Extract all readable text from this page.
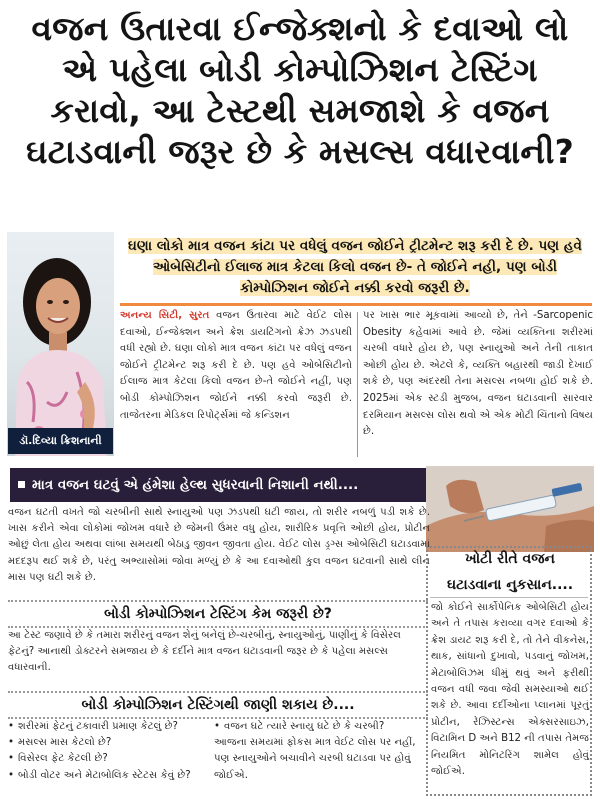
વજન ઉતારવા ઈન્જેક્શનો કે દવાઓ લો
એ પહેલા બોડી કોમ્પોઝિશન ટેસ્ટિંગ
કરાવો, આ ટેસ્ટથી સમજાશે કે વજન
ઘટાડવાની જરૂર છે કે મસલ્સ વધારવાની?
ડૉ.દિવ્યા ક્રિશનાની
ઘણા લોકો માત્ર વજન કાંટા પર વધેલું વજન જોઈને ટ્રીટમેન્ટ શરૂ કરી દે છે. પણ હવે ઓબેસિટીનો ઈલાજ માત્ર કેટલા કિલો વજન છે- તે જોઈને નહી, પણ બોડી કોમ્પોઝિશન જોઈને નક્કી કરવો જરૂરી છે.
અનન્ય સિટી, સુરત વજન ઉતારવા માટે વેઈટ લોસ દવાઓ, ઈન્જેક્શન અને ક્રેશ ડાયટિંગનો ક્રેઝ ઝડપથી વધી રહ્યો છે. ઘણા લોકો માત્ર વજન કાંટા પર વધેલું વજન જોઈને ટ્રીટમેન્ટ શરૂ કરી દે છે. પણ હવે ઓબેસિટીનો ઈલાજ માત્ર કેટલા કિલો વજન છે-તે જોઈને નહીં, પણ બોડી કોમ્પોઝિશન જોઈને નક્કી કરવો જરૂરી છે. તાજેતરના મેડિકલ રિપોર્ટ્સમાં જે કન્ડિશન
પર ખાસ ભાર મૂકવામાં આવ્યો છે, તેને -Sarcopenic Obesity કહેવામાં આવે છે. જેમાં વ્યક્તિના શરીરમાં ચરબી વધારે હોય છે, પણ સ્નાયુઓ અને તેની તાકાત ઓછી હોય છે. એટલે કે, વ્યક્તિ બહારથી જાડી દેખાઈ શકે છે, પણ અંદરથી તેના મસલ્સ નબળા હોઈ શકે છે. 2025માં એક સ્ટડી મુજબ, વજન ઘટાડવાની સારવાર દરમિયાન મસલ્સ લોસ થવો એ એક મોટી ચિંતાનો વિષય છે.
માત્ર વજન ઘટવું એ હંમેશા હેલ્થ સુધરવાની નિશાની નથી....
વજન ઘટતી વખતે જો ચરબીની સાથે સ્નાયુઓ પણ ઝડપથી ઘટી જાય, તો શરીર નબળું પડી શકે છે. ખાસ કરીને એવા લોકોમાં જોખમ વધારે છે જેમની ઉંમર વધુ હોય, શારીરિક પ્રવૃત્તિ ઓછી હોય, પ્રોટીન ઓછું લેતા હોય અથવા લાંબા સમયથી બેઠાડુ જીવન જીવતા હોય. વેઈટ લોસ ડ્રગ્સ ઓબેસિટી ઘટાડવામાં મદદરૂપ થઈ શકે છે, પરંતુ અભ્યાસોમાં જોવા મળ્યું છે કે આ દવાઓથી કુલ વજન ઘટવાની સાથે લીન માસ પણ ઘટી શકે છે.
બોડી કોમ્પોઝિશન ટેસ્ટિંગ કેમ જરૂરી છે?
આ ટેસ્ટ જણાવે છે કે તમારા શરીરનું વજન શેનું બનેલું છે-ચરબીનું, સ્નાયુઓનું, પાણીનું કે વિસેરલ ફેટનું? આનાથી ડોક્ટરને સમજાય છે કે દર્દીને માત્ર વજન ઘટાડવાની જરૂર છે કે પહેલા મસલ્સ વધારવાની.
બોડી કોમ્પોઝિશન ટેસ્ટિંગથી જાણી શકાય છે....
• શરીરમાં ફેટનું ટકાવારી પ્રમાણ કેટલું છે?
• મસલ્સ માસ કેટલો છે?
• વિસેરલ ફેટ કેટલી છે?
• બોડી વોટર અને મેટાબોલિક સ્ટેટસ કેવું છે?
• વજન ઘટે ત્યારે સ્નાયુ ઘટે છે કે ચરબી?
આજના સમયમાં ફોકસ માત્ર વેઈટ લોસ પર નહીં, પણ સ્નાયુઓને બચાવીને ચરબી ઘટાડવા પર હોવું જોઈએ.
ખોટી રીતે વજન
ઘટાડવાના નુકસાન....
જો કોઈને સાર્કોપેનિક ઓબેસિટી હોય અને તે તપાસ કરાવ્યા વગર દવાઓ કે ક્રેશ ડાયટ શરૂ કરી દે, તો તેને વીકનેસ, થાક, સાંધાનો દુખાવો, પડવાનું જોખમ, મેટાબોલિઝમ ધીમું થવું અને ફરીથી વજન વધી જવા જેવી સમસ્યાઓ થઈ શકે છે. આવા દર્દીઓના પ્લાનમાં પૂરતું પ્રોટીન, રેઝિસ્ટન્સ એક્સરસાઇઝ, વિટામિન D અને B12 ની તપાસ તેમજ નિયમિત મોનિટરિંગ શામેલ હોવું જોઈએ.
